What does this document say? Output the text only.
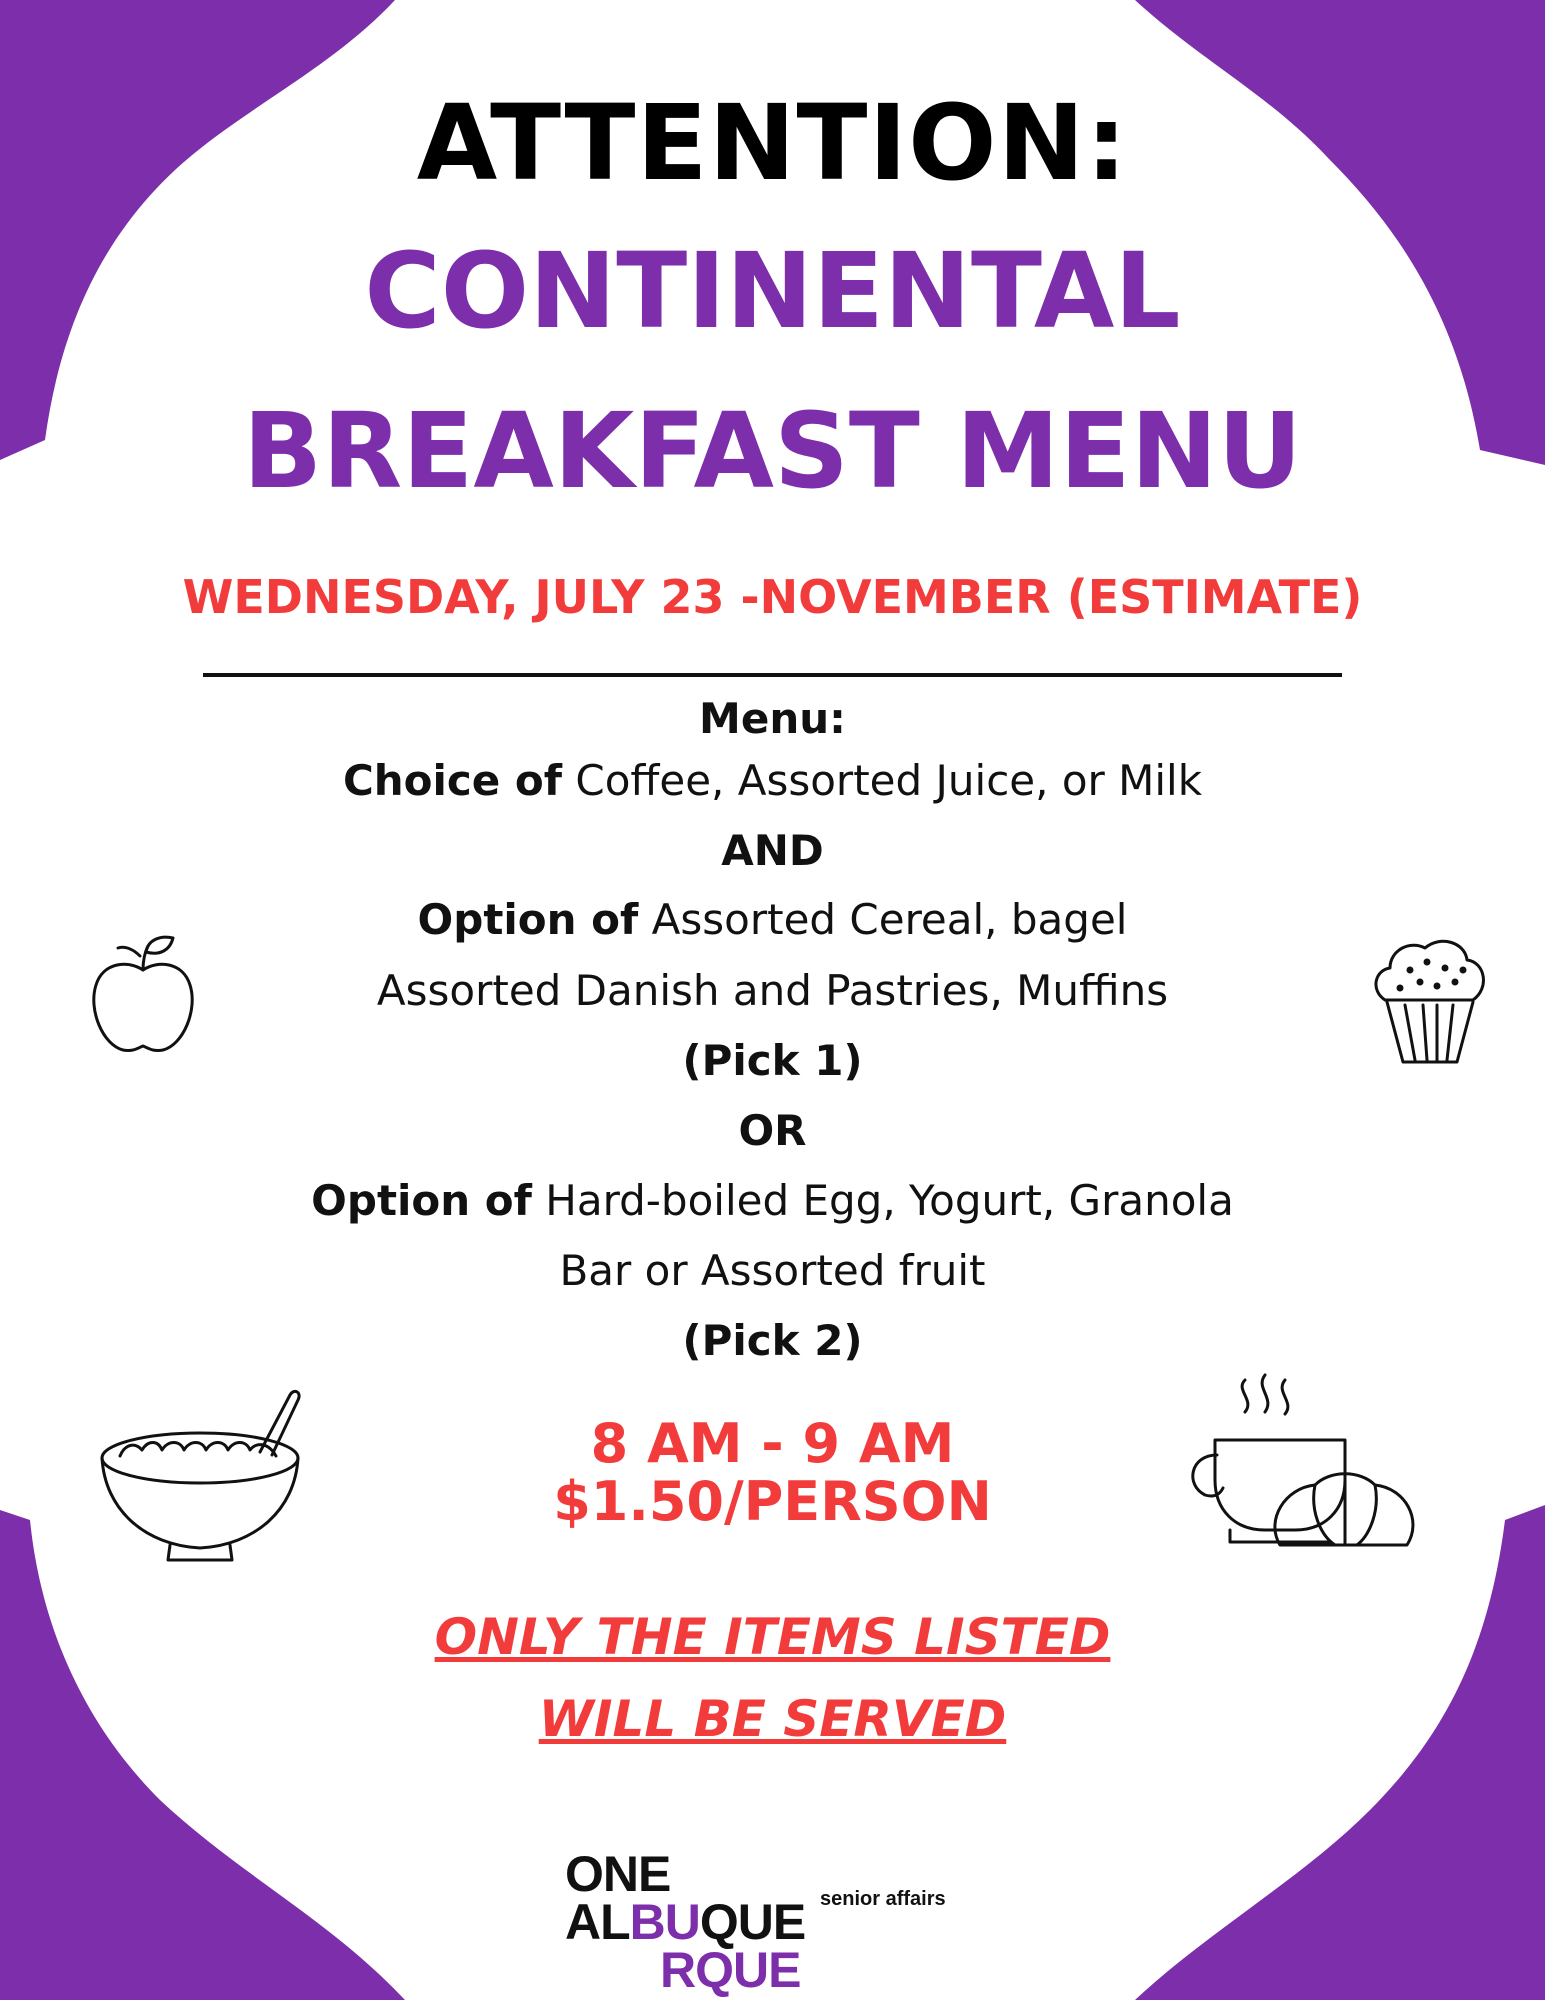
ATTENTION:
CONTINENTAL
BREAKFAST MENU
WEDNESDAY, JULY 23 -NOVEMBER (ESTIMATE)
Menu:
Choice of Coffee, Assorted Juice, or Milk
AND
Option of Assorted Cereal, bagel
Assorted Danish and Pastries, Muffins
(Pick 1)
OR
Option of Hard-boiled Egg, Yogurt, Granola
Bar or Assorted fruit
(Pick 2)
8 AM - 9 AM
$1.50/PERSON
ONLY THE ITEMS LISTED
WILL BE SERVED
ONE
ALBUQUE
RQUE
senior affairs
